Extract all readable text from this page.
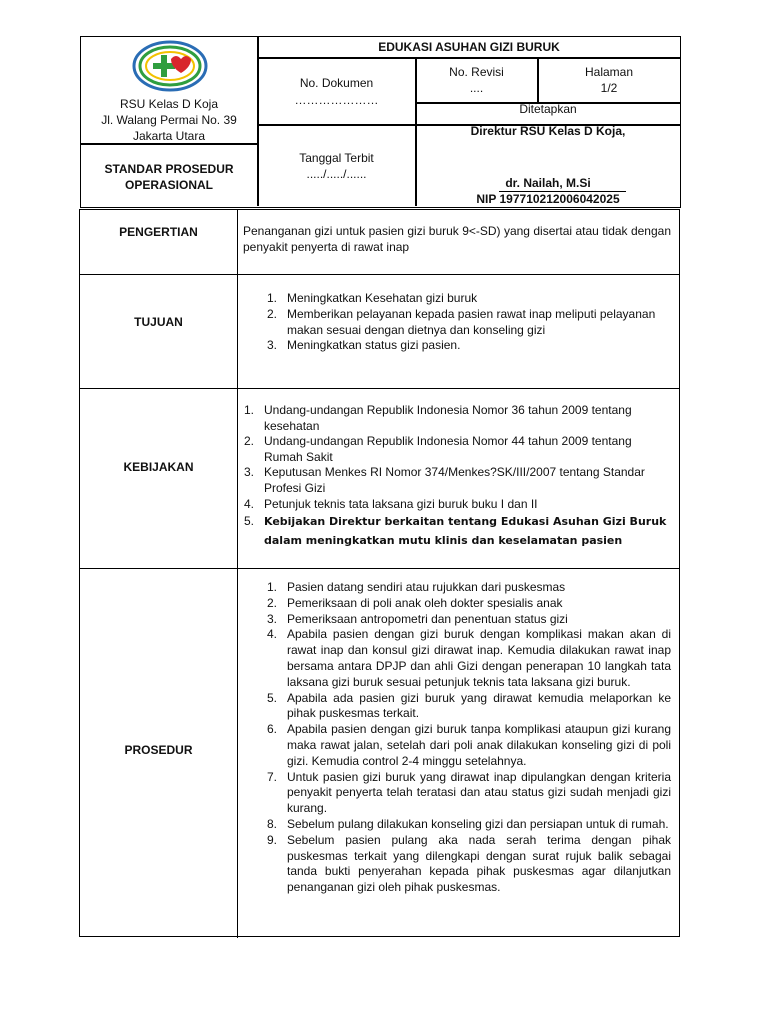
RSU Kelas D Koja
Jl. Walang Permai No. 39
Jakarta Utara
STANDAR PROSEDUR
OPERASIONAL
EDUKASI ASUHAN GIZI BURUK
No. Dokumen
…………………
No. Revisi
....
Halaman
1/2
Ditetapkan
Direktur RSU Kelas D Koja,
Tanggal Terbit
...../...../......
dr. Nailah, M.Si
NIP 197710212006042025
PENGERTIAN	Penanganan gizi untuk pasien gizi buruk 9<-SD) yang disertai atau tidak dengan penyakit penyerta di rawat inap
TUJUAN
1. Meningkatkan Kesehatan gizi buruk
2. Memberikan pelayanan kepada pasien rawat inap meliputi pelayanan makan sesuai dengan dietnya dan konseling gizi
3. Meningkatkan status gizi pasien.
KEBIJAKAN
1. Undang-undangan Republik Indonesia Nomor 36 tahun 2009 tentang kesehatan
2. Undang-undangan Republik Indonesia Nomor 44 tahun 2009 tentang Rumah Sakit
3. Keputusan Menkes RI Nomor 374/Menkes?SK/III/2007 tentang Standar Profesi Gizi
4. Petunjuk teknis tata laksana gizi buruk buku I dan II
5. Kebijakan Direktur berkaitan tentang Edukasi Asuhan Gizi Buruk dalam meningkatkan mutu klinis dan keselamatan pasien
PROSEDUR
1. Pasien datang sendiri atau rujukkan dari puskesmas
2. Pemeriksaan di poli anak oleh dokter spesialis anak
3. Pemeriksaan antropometri dan penentuan status gizi
4. Apabila pasien dengan gizi buruk dengan komplikasi makan akan di rawat inap dan konsul gizi dirawat inap. Kemudia dilakukan rawat inap bersama antara DPJP dan ahli Gizi dengan penerapan 10 langkah tata laksana gizi buruk sesuai petunjuk teknis tata laksana gizi buruk.
5. Apabila ada pasien gizi buruk yang dirawat kemudia melaporkan ke pihak puskesmas terkait.
6. Apabila pasien dengan gizi buruk tanpa komplikasi ataupun gizi kurang maka rawat jalan, setelah dari poli anak dilakukan konseling gizi di poli gizi. Kemudia control 2-4 minggu setelahnya.
7. Untuk pasien gizi buruk yang dirawat inap dipulangkan dengan kriteria penyakit penyerta telah teratasi dan atau status gizi sudah menjadi gizi kurang.
8. Sebelum pulang dilakukan konseling gizi dan persiapan untuk di rumah.
9. Sebelum pasien pulang aka nada serah terima dengan pihak puskesmas terkait yang dilengkapi dengan surat rujuk balik sebagai tanda bukti penyerahan kepada pihak puskesmas agar dilanjutkan penanganan gizi oleh pihak puskesmas.
